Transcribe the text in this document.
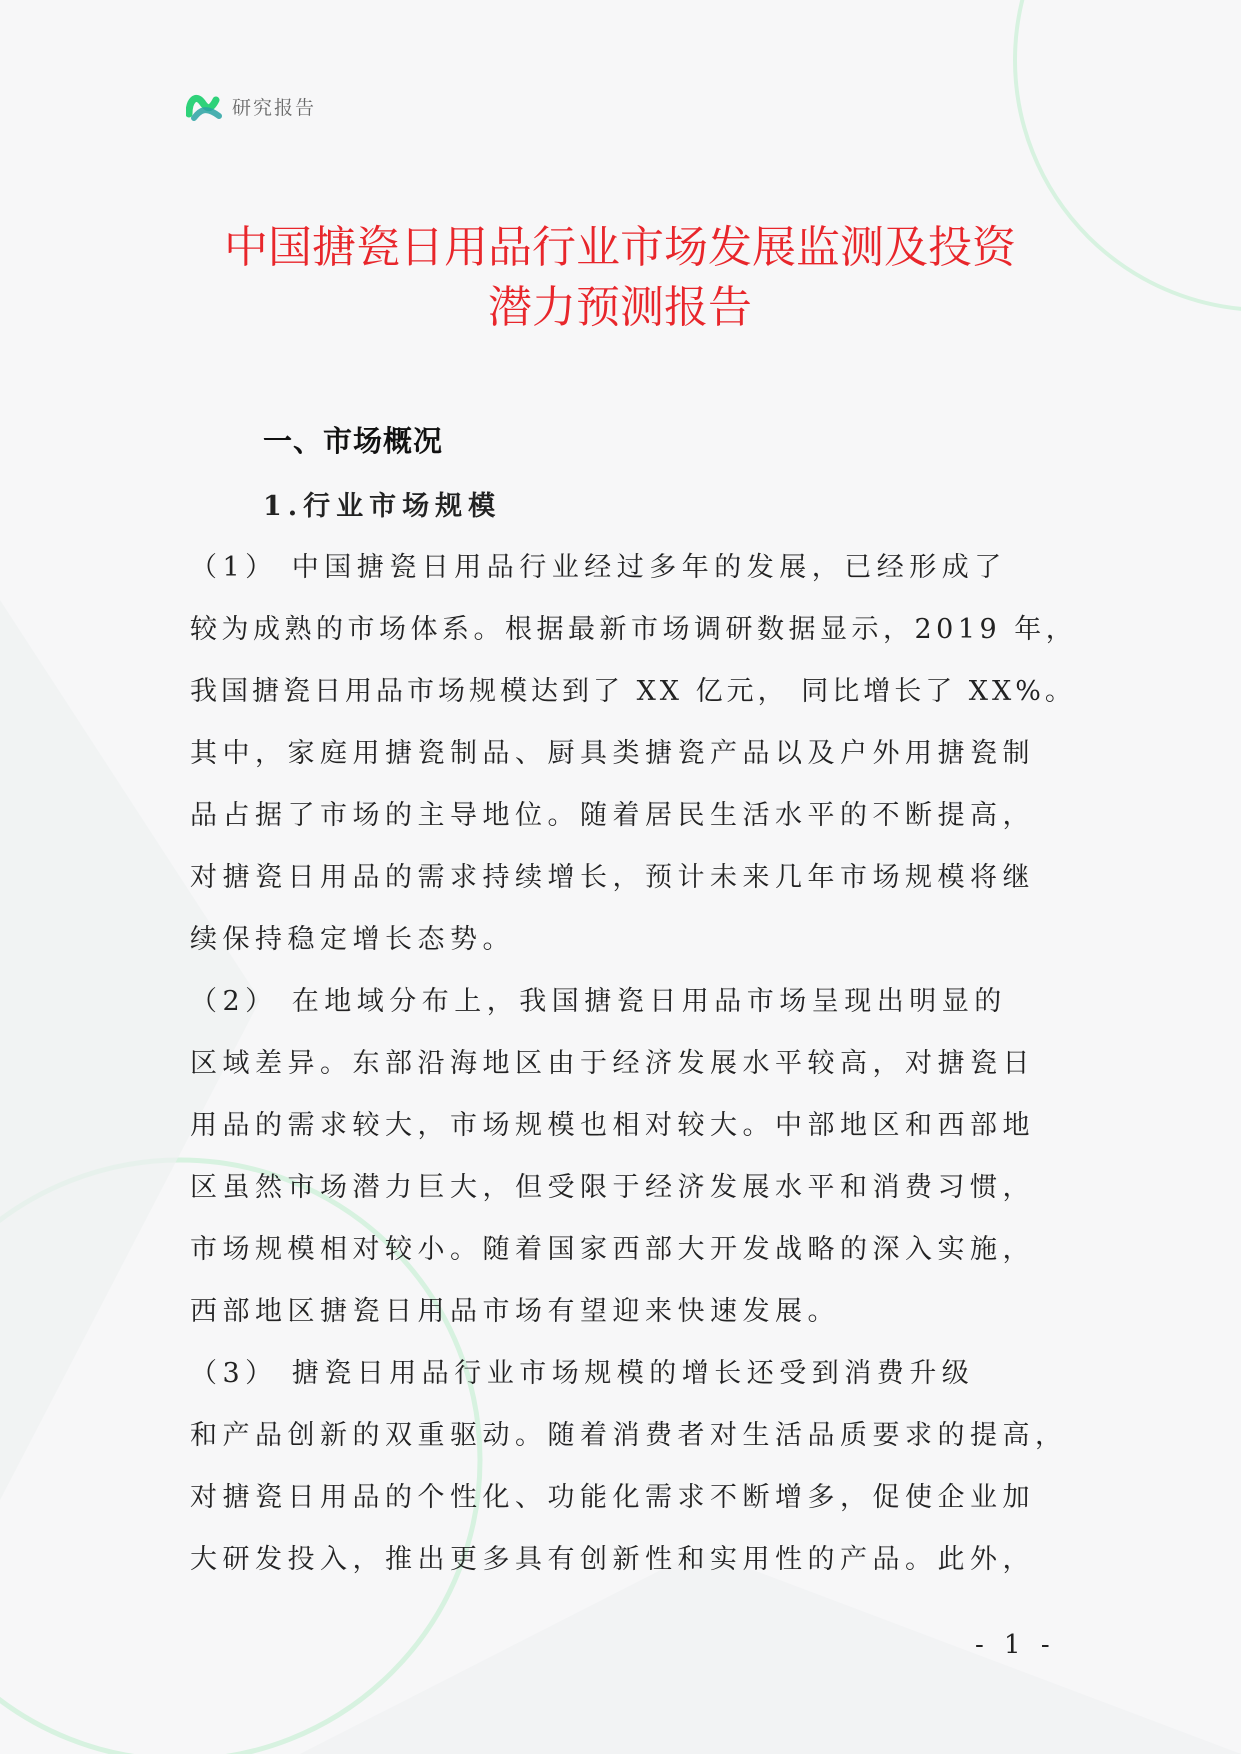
研究报告
中国搪瓷日用品行业市场发展监测及投资
潜力预测报告
一、市场概况
1.行业市场规模
（1） 中国搪瓷日用品行业经过多年的发展，已经形成了
较为成熟的市场体系。根据最新市场调研数据显示，2019 年，
我国搪瓷日用品市场规模达到了 XX 亿元， 同比增长了 XX%。
其中，家庭用搪瓷制品、厨具类搪瓷产品以及户外用搪瓷制
品占据了市场的主导地位。随着居民生活水平的不断提高，
对搪瓷日用品的需求持续增长，预计未来几年市场规模将继
续保持稳定增长态势。
（2） 在地域分布上，我国搪瓷日用品市场呈现出明显的
区域差异。东部沿海地区由于经济发展水平较高，对搪瓷日
用品的需求较大，市场规模也相对较大。中部地区和西部地
区虽然市场潜力巨大，但受限于经济发展水平和消费习惯，
市场规模相对较小。随着国家西部大开发战略的深入实施，
西部地区搪瓷日用品市场有望迎来快速发展。
（3） 搪瓷日用品行业市场规模的增长还受到消费升级
和产品创新的双重驱动。随着消费者对生活品质要求的提高，
对搪瓷日用品的个性化、功能化需求不断增多，促使企业加
大研发投入，推出更多具有创新性和实用性的产品。此外，
- 1 -
